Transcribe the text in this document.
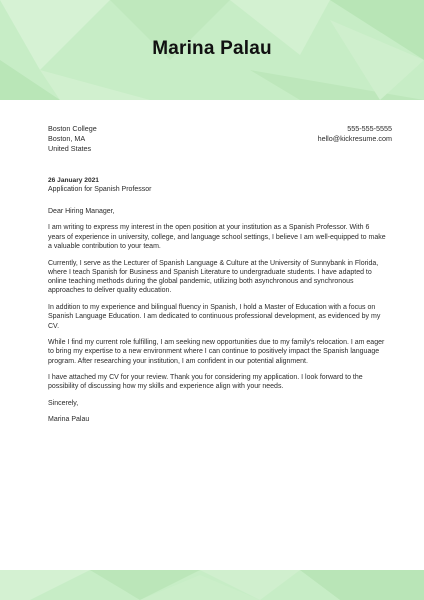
Marina Palau
Boston College
Boston, MA
United States
555-555-5555
hello@kickresume.com
26 January 2021
Application for Spanish Professor

Dear Hiring Manager,

I am writing to express my interest in the open position at your institution as a Spanish Professor. With 6 years of experience in university, college, and language school settings, I believe I am well-equipped to make a valuable contribution to your team.

Currently, I serve as the Lecturer of Spanish Language & Culture at the University of Sunnybank in Florida, where I teach Spanish for Business and Spanish Literature to undergraduate students. I have adapted to online teaching methods during the global pandemic, utilizing both asynchronous and synchronous approaches to deliver quality education.

In addition to my experience and bilingual fluency in Spanish, I hold a Master of Education with a focus on Spanish Language Education. I am dedicated to continuous professional development, as evidenced by my CV.

While I find my current role fulfilling, I am seeking new opportunities due to my family's relocation. I am eager to bring my expertise to a new environment where I can continue to positively impact the Spanish language program. After researching your institution, I am confident in our potential alignment.

I have attached my CV for your review. Thank you for considering my application. I look forward to the possibility of discussing how my skills and experience align with your needs.

Sincerely,

Marina Palau
